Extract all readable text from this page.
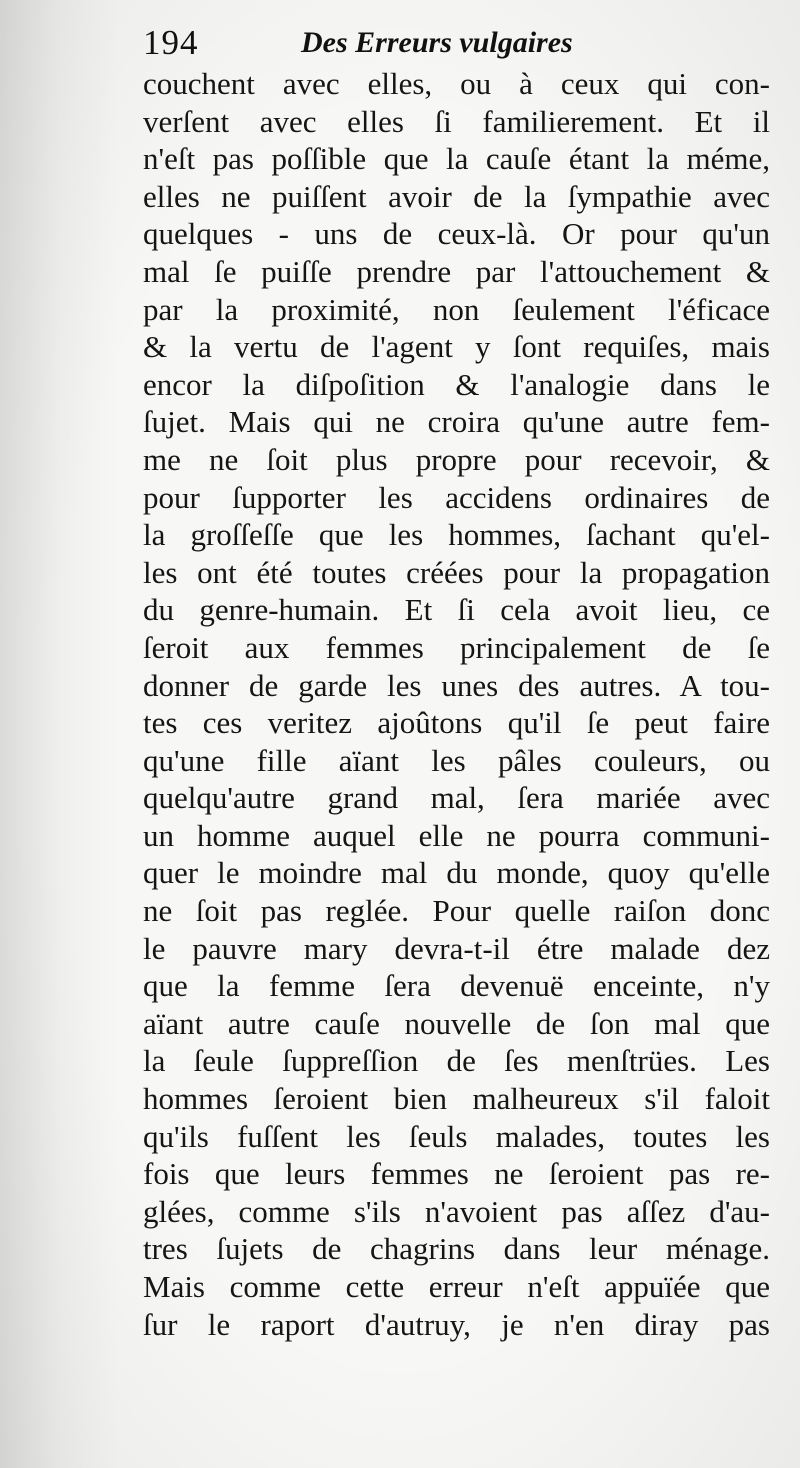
194	Des Erreurs vulgaires
couchent avec elles, ou à ceux qui con-
verſent avec elles ſi familierement. Et il
n'eſt pas poſſible que la cauſe étant la méme,
elles ne puiſſent avoir de la ſympathie avec
quelques - uns de ceux-là. Or pour qu'un
mal ſe puiſſe prendre par l'attouchement &
par la proximité, non ſeulement l'éficace
& la vertu de l'agent y ſont requiſes, mais
encor la diſpoſition & l'analogie dans le
ſujet. Mais qui ne croira qu'une autre fem-
me ne ſoit plus propre pour recevoir, &
pour ſupporter les accidens ordinaires de
la groſſeſſe que les hommes, ſachant qu'el-
les ont été toutes créées pour la propagation
du genre-humain. Et ſi cela avoit lieu, ce
ſeroit aux femmes principalement de ſe
donner de garde les unes des autres. A tou-
tes ces veritez ajoûtons qu'il ſe peut faire
qu'une fille aïant les pâles couleurs, ou
quelqu'autre grand mal, ſera mariée avec
un homme auquel elle ne pourra communi-
quer le moindre mal du monde, quoy qu'elle
ne ſoit pas reglée. Pour quelle raiſon donc
le pauvre mary devra-t-il étre malade dez
que la femme ſera devenuë enceinte, n'y
aïant autre cauſe nouvelle de ſon mal que
la ſeule ſuppreſſion de ſes menſtrües. Les
hommes ſeroient bien malheureux s'il faloit
qu'ils fuſſent les ſeuls malades, toutes les
fois que leurs femmes ne ſeroient pas re-
glées, comme s'ils n'avoient pas aſſez d'au-
tres ſujets de chagrins dans leur ménage.
Mais comme cette erreur n'eſt appuïée que
ſur le raport d'autruy, je n'en diray pas
